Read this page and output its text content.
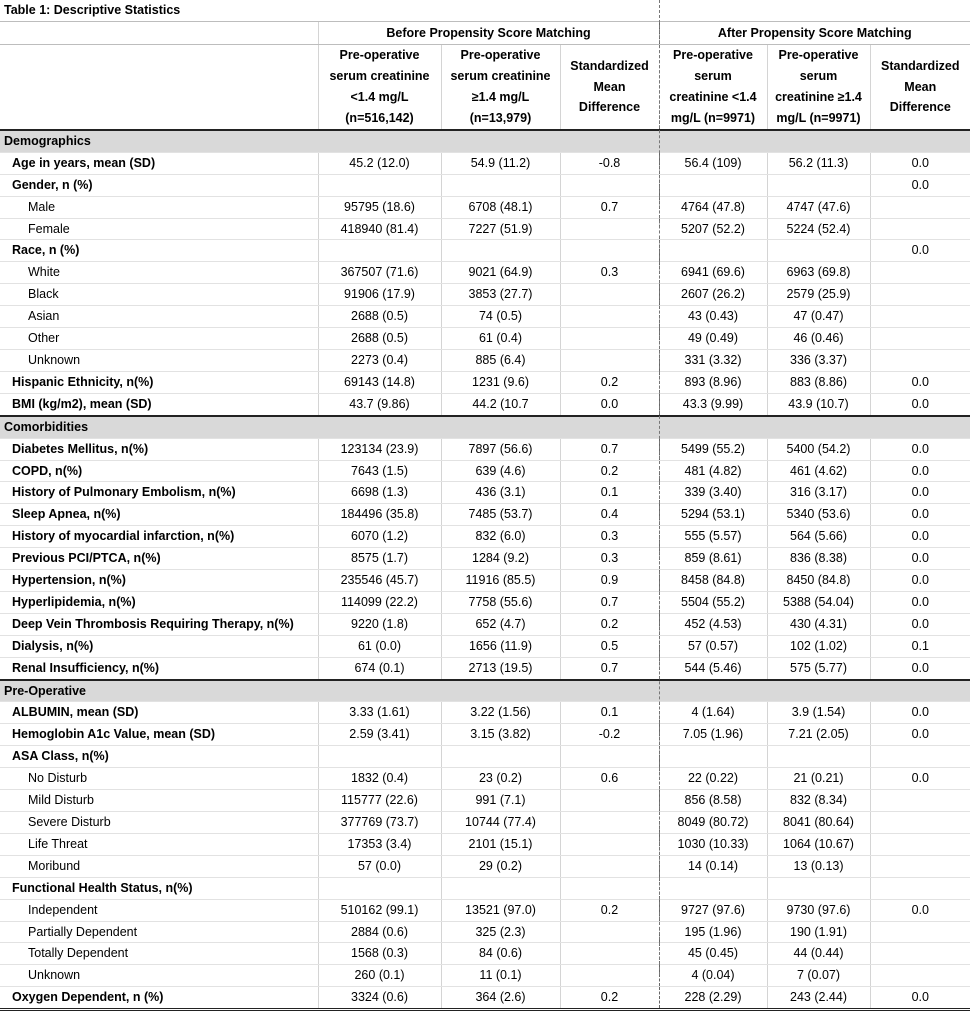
Table 1: Descriptive Statistics						
	Before Propensity Score Matching			After Propensity Score Matching		
	Pre-operative serum creatinine <1.4 mg/L (n=516,142)	Pre-operative serum creatinine ≥1.4 mg/L (n=13,979)	Standardized Mean Difference	Pre-operative serum creatinine <1.4 mg/L (n=9971)	Pre-operative serum creatinine ≥1.4 mg/L (n=9971)	Standardized Mean Difference
Demographics						
Age in years, mean (SD)	45.2 (12.0)	54.9 (11.2)	-0.8	56.4 (109)	56.2 (11.3)	0.0
Gender, n (%)						0.0
Male	95795 (18.6)	6708 (48.1)	0.7	4764 (47.8)	4747 (47.6)	
Female	418940 (81.4)	7227 (51.9)		5207 (52.2)	5224 (52.4)	
Race, n (%)						0.0
White	367507 (71.6)	9021 (64.9)	0.3	6941 (69.6)	6963 (69.8)	
Black	91906 (17.9)	3853 (27.7)		2607 (26.2)	2579 (25.9)	
Asian	2688 (0.5)	74 (0.5)		43 (0.43)	47 (0.47)	
Other	2688 (0.5)	61 (0.4)		49 (0.49)	46 (0.46)	
Unknown	2273 (0.4)	885 (6.4)		331 (3.32)	336 (3.37)	
Hispanic Ethnicity, n(%)	69143 (14.8)	1231 (9.6)	0.2	893 (8.96)	883 (8.86)	0.0
BMI (kg/m2), mean (SD)	43.7 (9.86)	44.2 (10.7	0.0	43.3 (9.99)	43.9 (10.7)	0.0
Comorbidities						
Diabetes Mellitus, n(%)	123134 (23.9)	7897 (56.6)	0.7	5499 (55.2)	5400 (54.2)	0.0
COPD, n(%)	7643 (1.5)	639 (4.6)	0.2	481 (4.82)	461 (4.62)	0.0
History of Pulmonary Embolism, n(%)	6698 (1.3)	436 (3.1)	0.1	339 (3.40)	316 (3.17)	0.0
Sleep Apnea, n(%)	184496 (35.8)	7485 (53.7)	0.4	5294 (53.1)	5340 (53.6)	0.0
History of myocardial infarction, n(%)	6070 (1.2)	832 (6.0)	0.3	555 (5.57)	564 (5.66)	0.0
Previous PCI/PTCA, n(%)	8575 (1.7)	1284 (9.2)	0.3	859 (8.61)	836 (8.38)	0.0
Hypertension, n(%)	235546 (45.7)	11916 (85.5)	0.9	8458 (84.8)	8450 (84.8)	0.0
Hyperlipidemia, n(%)	114099 (22.2)	7758 (55.6)	0.7	5504 (55.2)	5388 (54.04)	0.0
Deep Vein Thrombosis Requiring Therapy, n(%)	9220 (1.8)	652 (4.7)	0.2	452 (4.53)	430 (4.31)	0.0
Dialysis, n(%)	61 (0.0)	1656 (11.9)	0.5	57 (0.57)	102 (1.02)	0.1
Renal Insufficiency, n(%)	674 (0.1)	2713 (19.5)	0.7	544 (5.46)	575 (5.77)	0.0
Pre-Operative						
ALBUMIN, mean (SD)	3.33 (1.61)	3.22 (1.56)	0.1	4 (1.64)	3.9 (1.54)	0.0
Hemoglobin A1c Value, mean (SD)	2.59 (3.41)	3.15 (3.82)	-0.2	7.05 (1.96)	7.21 (2.05)	0.0
ASA Class, n(%)						
No Disturb	1832 (0.4)	23 (0.2)	0.6	22 (0.22)	21 (0.21)	0.0
Mild Disturb	115777 (22.6)	991 (7.1)		856 (8.58)	832 (8.34)	
Severe Disturb	377769 (73.7)	10744 (77.4)		8049 (80.72)	8041 (80.64)	
Life Threat	17353 (3.4)	2101 (15.1)		1030 (10.33)	1064 (10.67)	
Moribund	57 (0.0)	29 (0.2)		14 (0.14)	13 (0.13)	
Functional Health Status, n(%)						
Independent	510162 (99.1)	13521 (97.0)	0.2	9727 (97.6)	9730 (97.6)	0.0
Partially Dependent	2884 (0.6)	325 (2.3)		195 (1.96)	190 (1.91)	
Totally Dependent	1568 (0.3)	84 (0.6)		45 (0.45)	44 (0.44)	
Unknown	260 (0.1)	11 (0.1)		4 (0.04)	7 (0.07)	
Oxygen Dependent, n (%)	3324 (0.6)	364 (2.6)	0.2	228 (2.29)	243 (2.44)	0.0
